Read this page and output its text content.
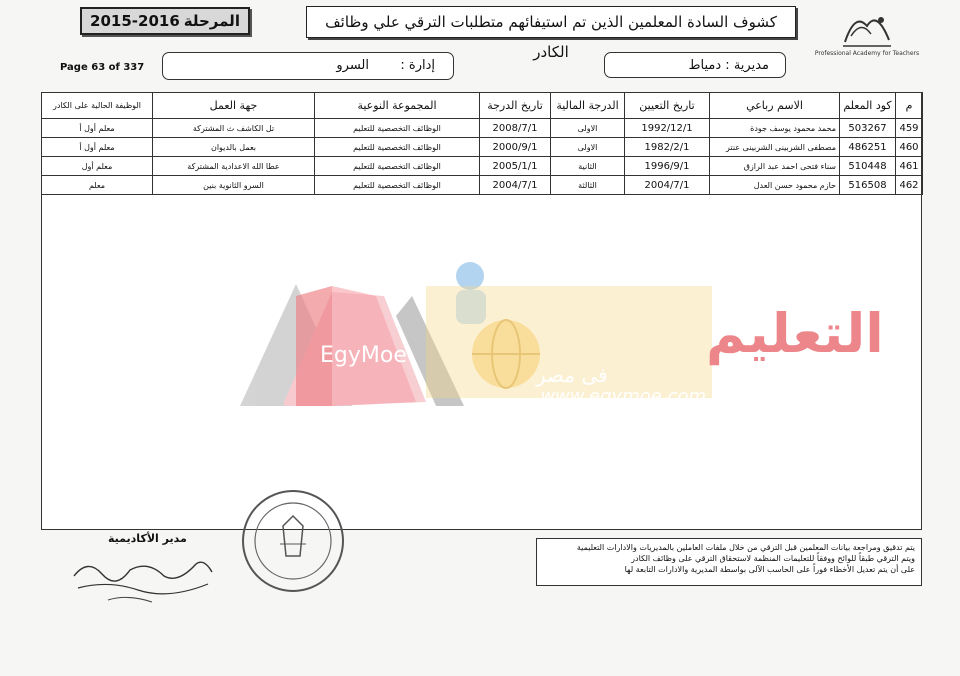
كشوف السادة المعلمين الذين تم استيفائهم متطلبات الترقي علي وظائف الكادر
المرحلة
2015-2016
Professional Academy for Teachers
Page 63 of 337	إدارة :
السرو	مديرية : دمياط
م	كود المعلم	الاسم رباعي	تاريخ التعيين	الدرجة المالية	تاريخ الدرجة	المجموعة النوعية	جهة العمل	الوظيفة الحالية على الكادر
459	503267	محمد محمود يوسف جودة	1992/12/1	الاولى	2008/7/1	الوظائف التخصصية للتعليم	تل الكاشف ث المشتركة	معلم أول أ
460	486251	مصطفى الشربينى الشربينى عنتر	1982/2/1	الاولى	2000/9/1	الوظائف التخصصية للتعليم	بعمل بالديوان	معلم أول أ
461	510448	سناء فتحى احمد عبد الرازق	1996/9/1	الثانية	2005/1/1	الوظائف التخصصية للتعليم	عطا الله الاعدادية المشتركة	معلم أول
462	516508	حازم محمود حسن العدل	2004/7/1	الثالثة	2004/7/1	الوظائف التخصصية للتعليم	السرو الثانوية بنين	معلم
EgyMoe	التعليم
فى مصر
www.egymoe.com
يتم تدقيق ومراجعة بيانات المعلمين قبل الترقي من خلال ملفات العاملين بالمديريات والادارات التعليمية
ويتم الترقي طبقاً للوائح ووفقاً للتعليمات المنظمة لاستحقاق الترقي على وظائف الكادر
على أن يتم تعديل الأخطاء فوراً على الحاسب الآلى بواسطة المديرية والادارات التابعة لها
مدير الأكاديمية
